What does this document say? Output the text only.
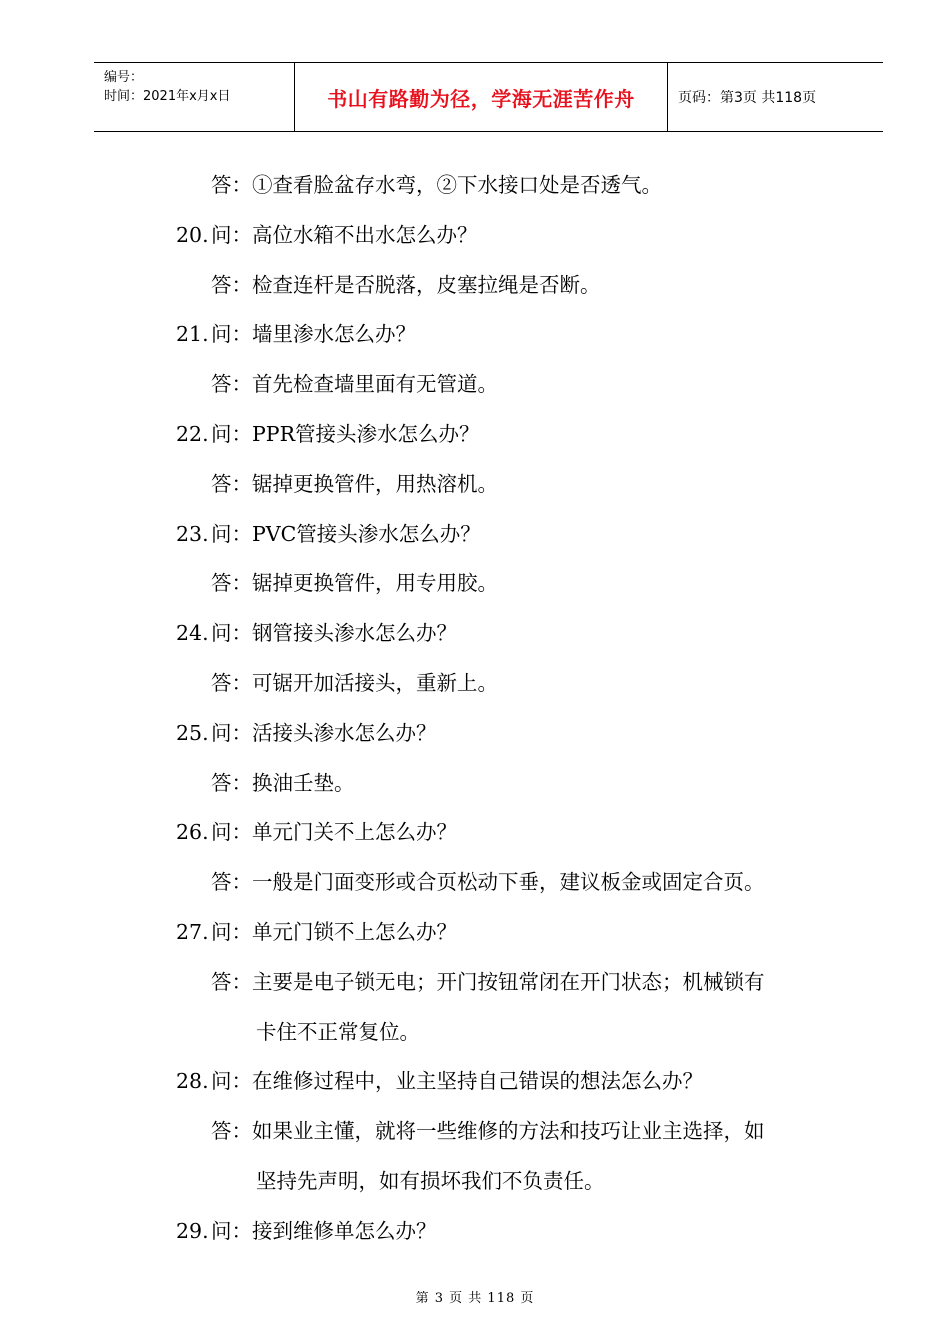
编号：
时间：2021年x月x日	书山有路勤为径，学海无涯苦作舟	页码：第3页 共118页
答：①查看脸盆存水弯，②下水接口处是否透气。
20. 问：高位水箱不出水怎么办？
答：检查连杆是否脱落，皮塞拉绳是否断。
21. 问：墙里渗水怎么办？
答：首先检查墙里面有无管道。
22. 问：PPR管接头渗水怎么办？
答：锯掉更换管件，用热溶机。
23. 问：PVC管接头渗水怎么办？
答：锯掉更换管件，用专用胶。
24. 问：钢管接头渗水怎么办？
答：可锯开加活接头，重新上。
25. 问：活接头渗水怎么办？
答：换油壬垫。
26. 问：单元门关不上怎么办？
答：一般是门面变形或合页松动下垂，建议板金或固定合页。
27. 问：单元门锁不上怎么办？
答：主要是电子锁无电；开门按钮常闭在开门状态；机械锁有
卡住不正常复位。
28. 问：在维修过程中，业主坚持自己错误的想法怎么办？
答：如果业主懂，就将一些维修的方法和技巧让业主选择，如
坚持先声明，如有损坏我们不负责任。
29. 问：接到维修单怎么办？
第 3 页 共 118 页
